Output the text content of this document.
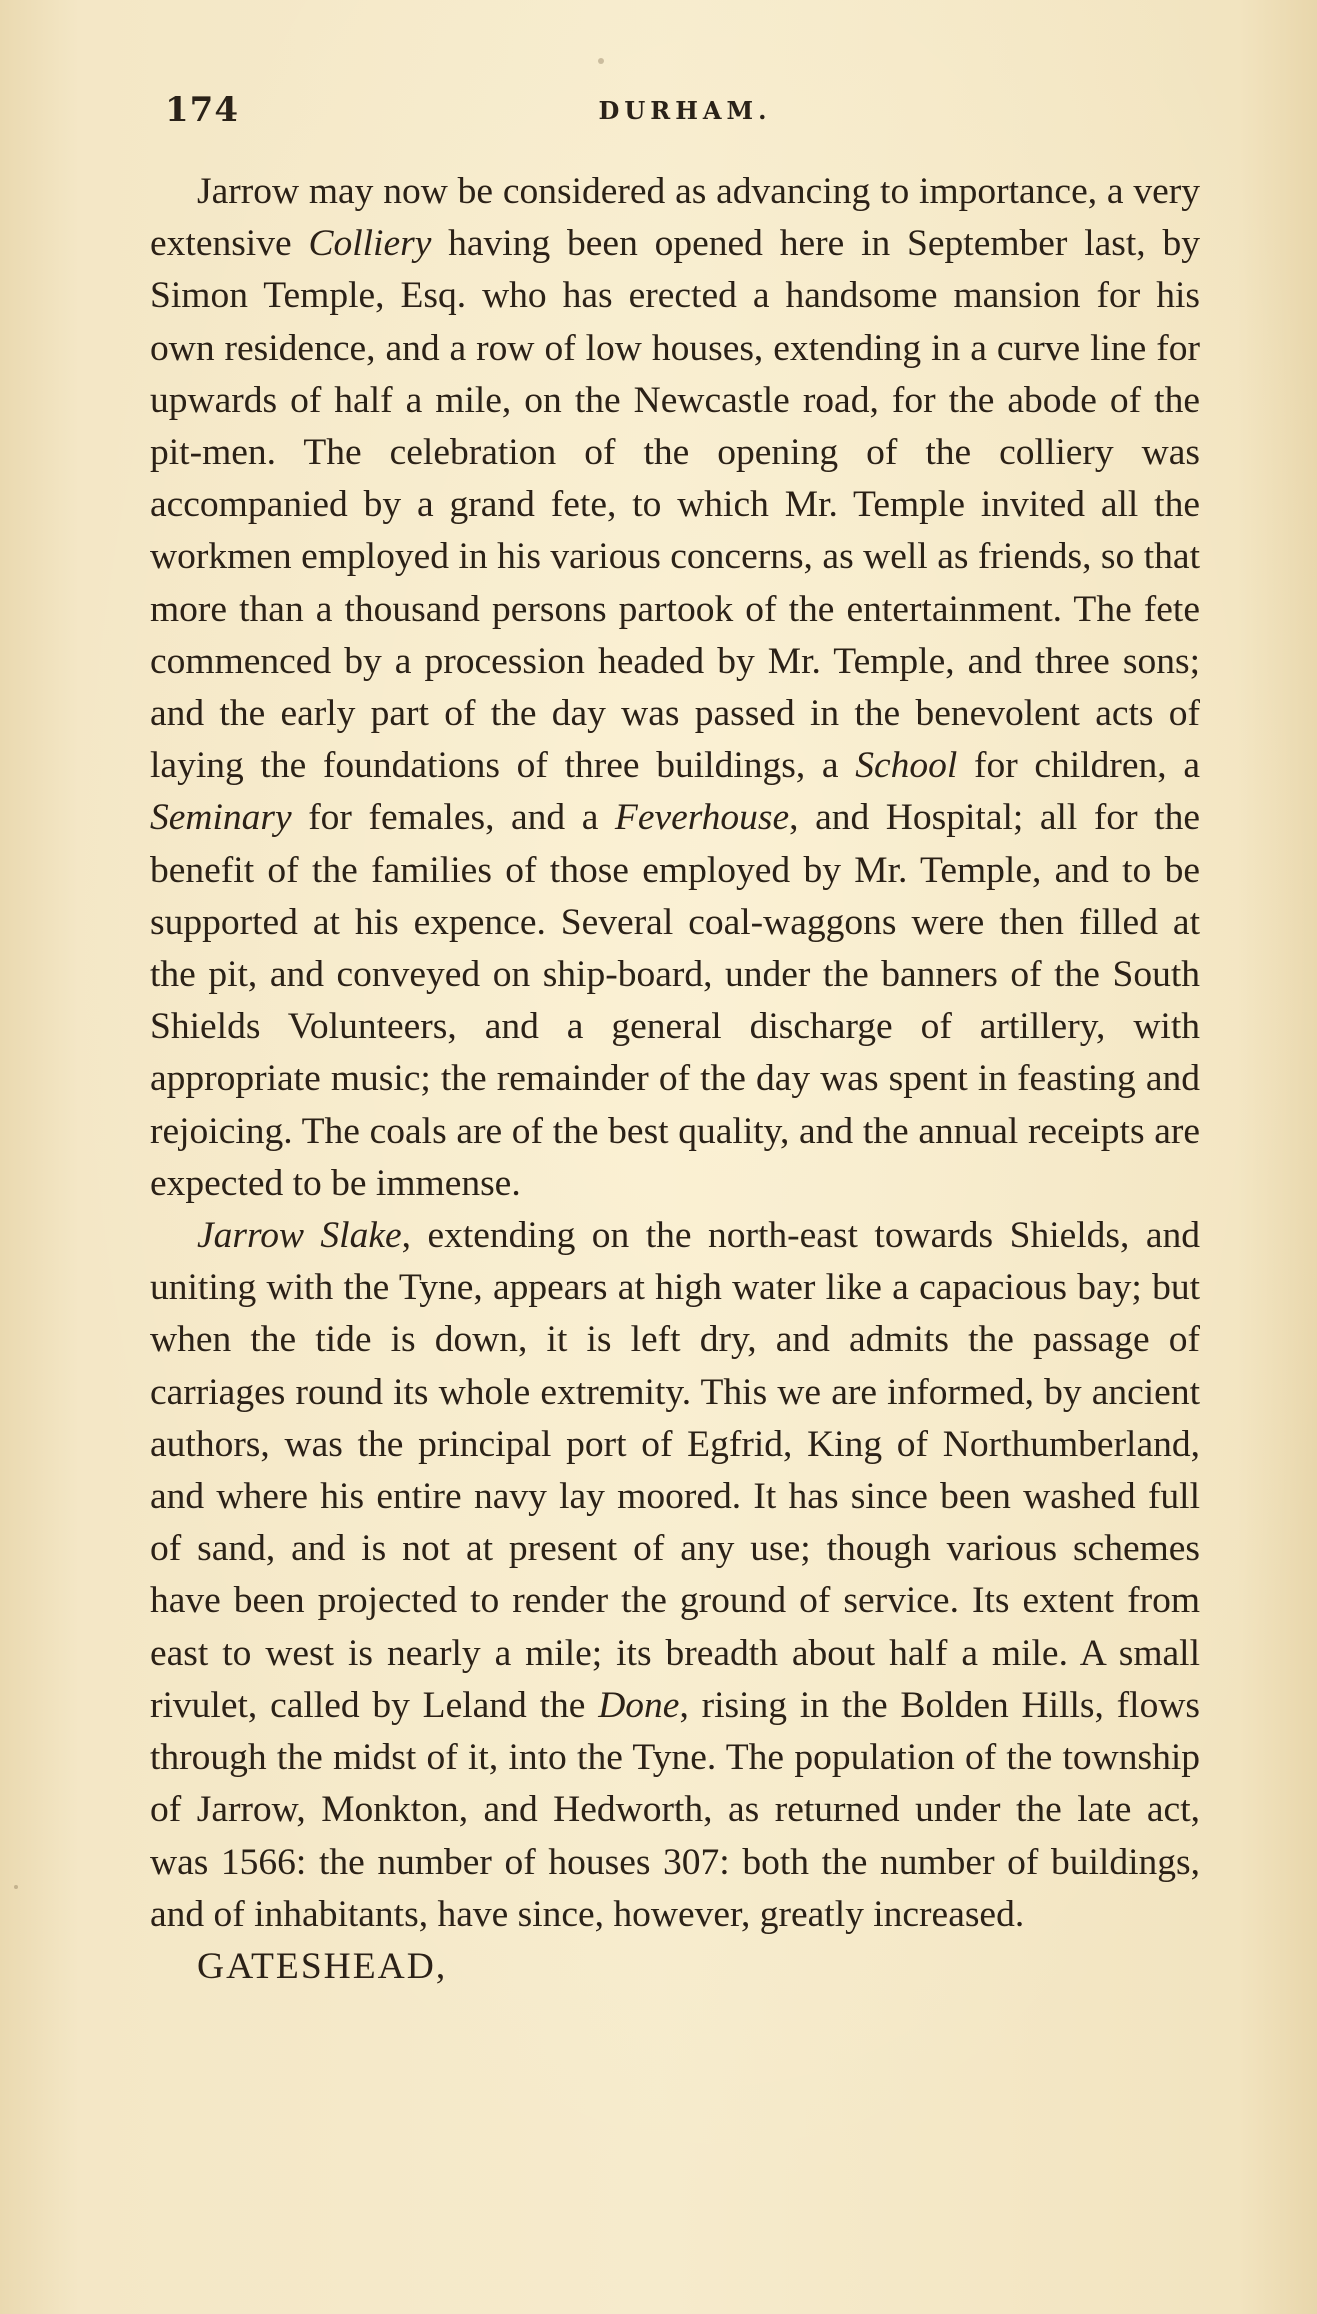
174	DURHAM.

Jarrow may now be considered as advancing to importance, a very extensive Colliery having been opened here in September last, by Simon Temple, Esq. who has erected a handsome mansion for his own residence, and a row of low houses, extending in a curve line for upwards of half a mile, on the Newcastle road, for the abode of the pit-men. The celebration of the opening of the colliery was accompanied by a grand fete, to which Mr. Temple invited all the workmen employed in his various concerns, as well as friends, so that more than a thousand persons partook of the entertainment. The fete commenced by a procession headed by Mr. Temple, and three sons; and the early part of the day was passed in the benevolent acts of laying the foundations of three buildings, a School for children, a Seminary for females, and a Feverhouse, and Hospital; all for the benefit of the families of those employed by Mr. Temple, and to be supported at his expence. Several coal-waggons were then filled at the pit, and conveyed on ship-board, under the banners of the South Shields Volunteers, and a general discharge of artillery, with appropriate music; the remainder of the day was spent in feasting and rejoicing. The coals are of the best quality, and the annual receipts are expected to be immense.

Jarrow Slake, extending on the north-east towards Shields, and uniting with the Tyne, appears at high water like a capacious bay; but when the tide is down, it is left dry, and admits the passage of carriages round its whole extremity. This we are informed, by ancient authors, was the principal port of Egfrid, King of Northumberland, and where his entire navy lay moored. It has since been washed full of sand, and is not at present of any use; though various schemes have been projected to render the ground of service. Its extent from east to west is nearly a mile; its breadth about half a mile. A small rivulet, called by Leland the Done, rising in the Bolden Hills, flows through the midst of it, into the Tyne. The population of the township of Jarrow, Monkton, and Hedworth, as returned under the late act, was 1566: the number of houses 307: both the number of buildings, and of inhabitants, have since, however, greatly increased.

GATESHEAD,
